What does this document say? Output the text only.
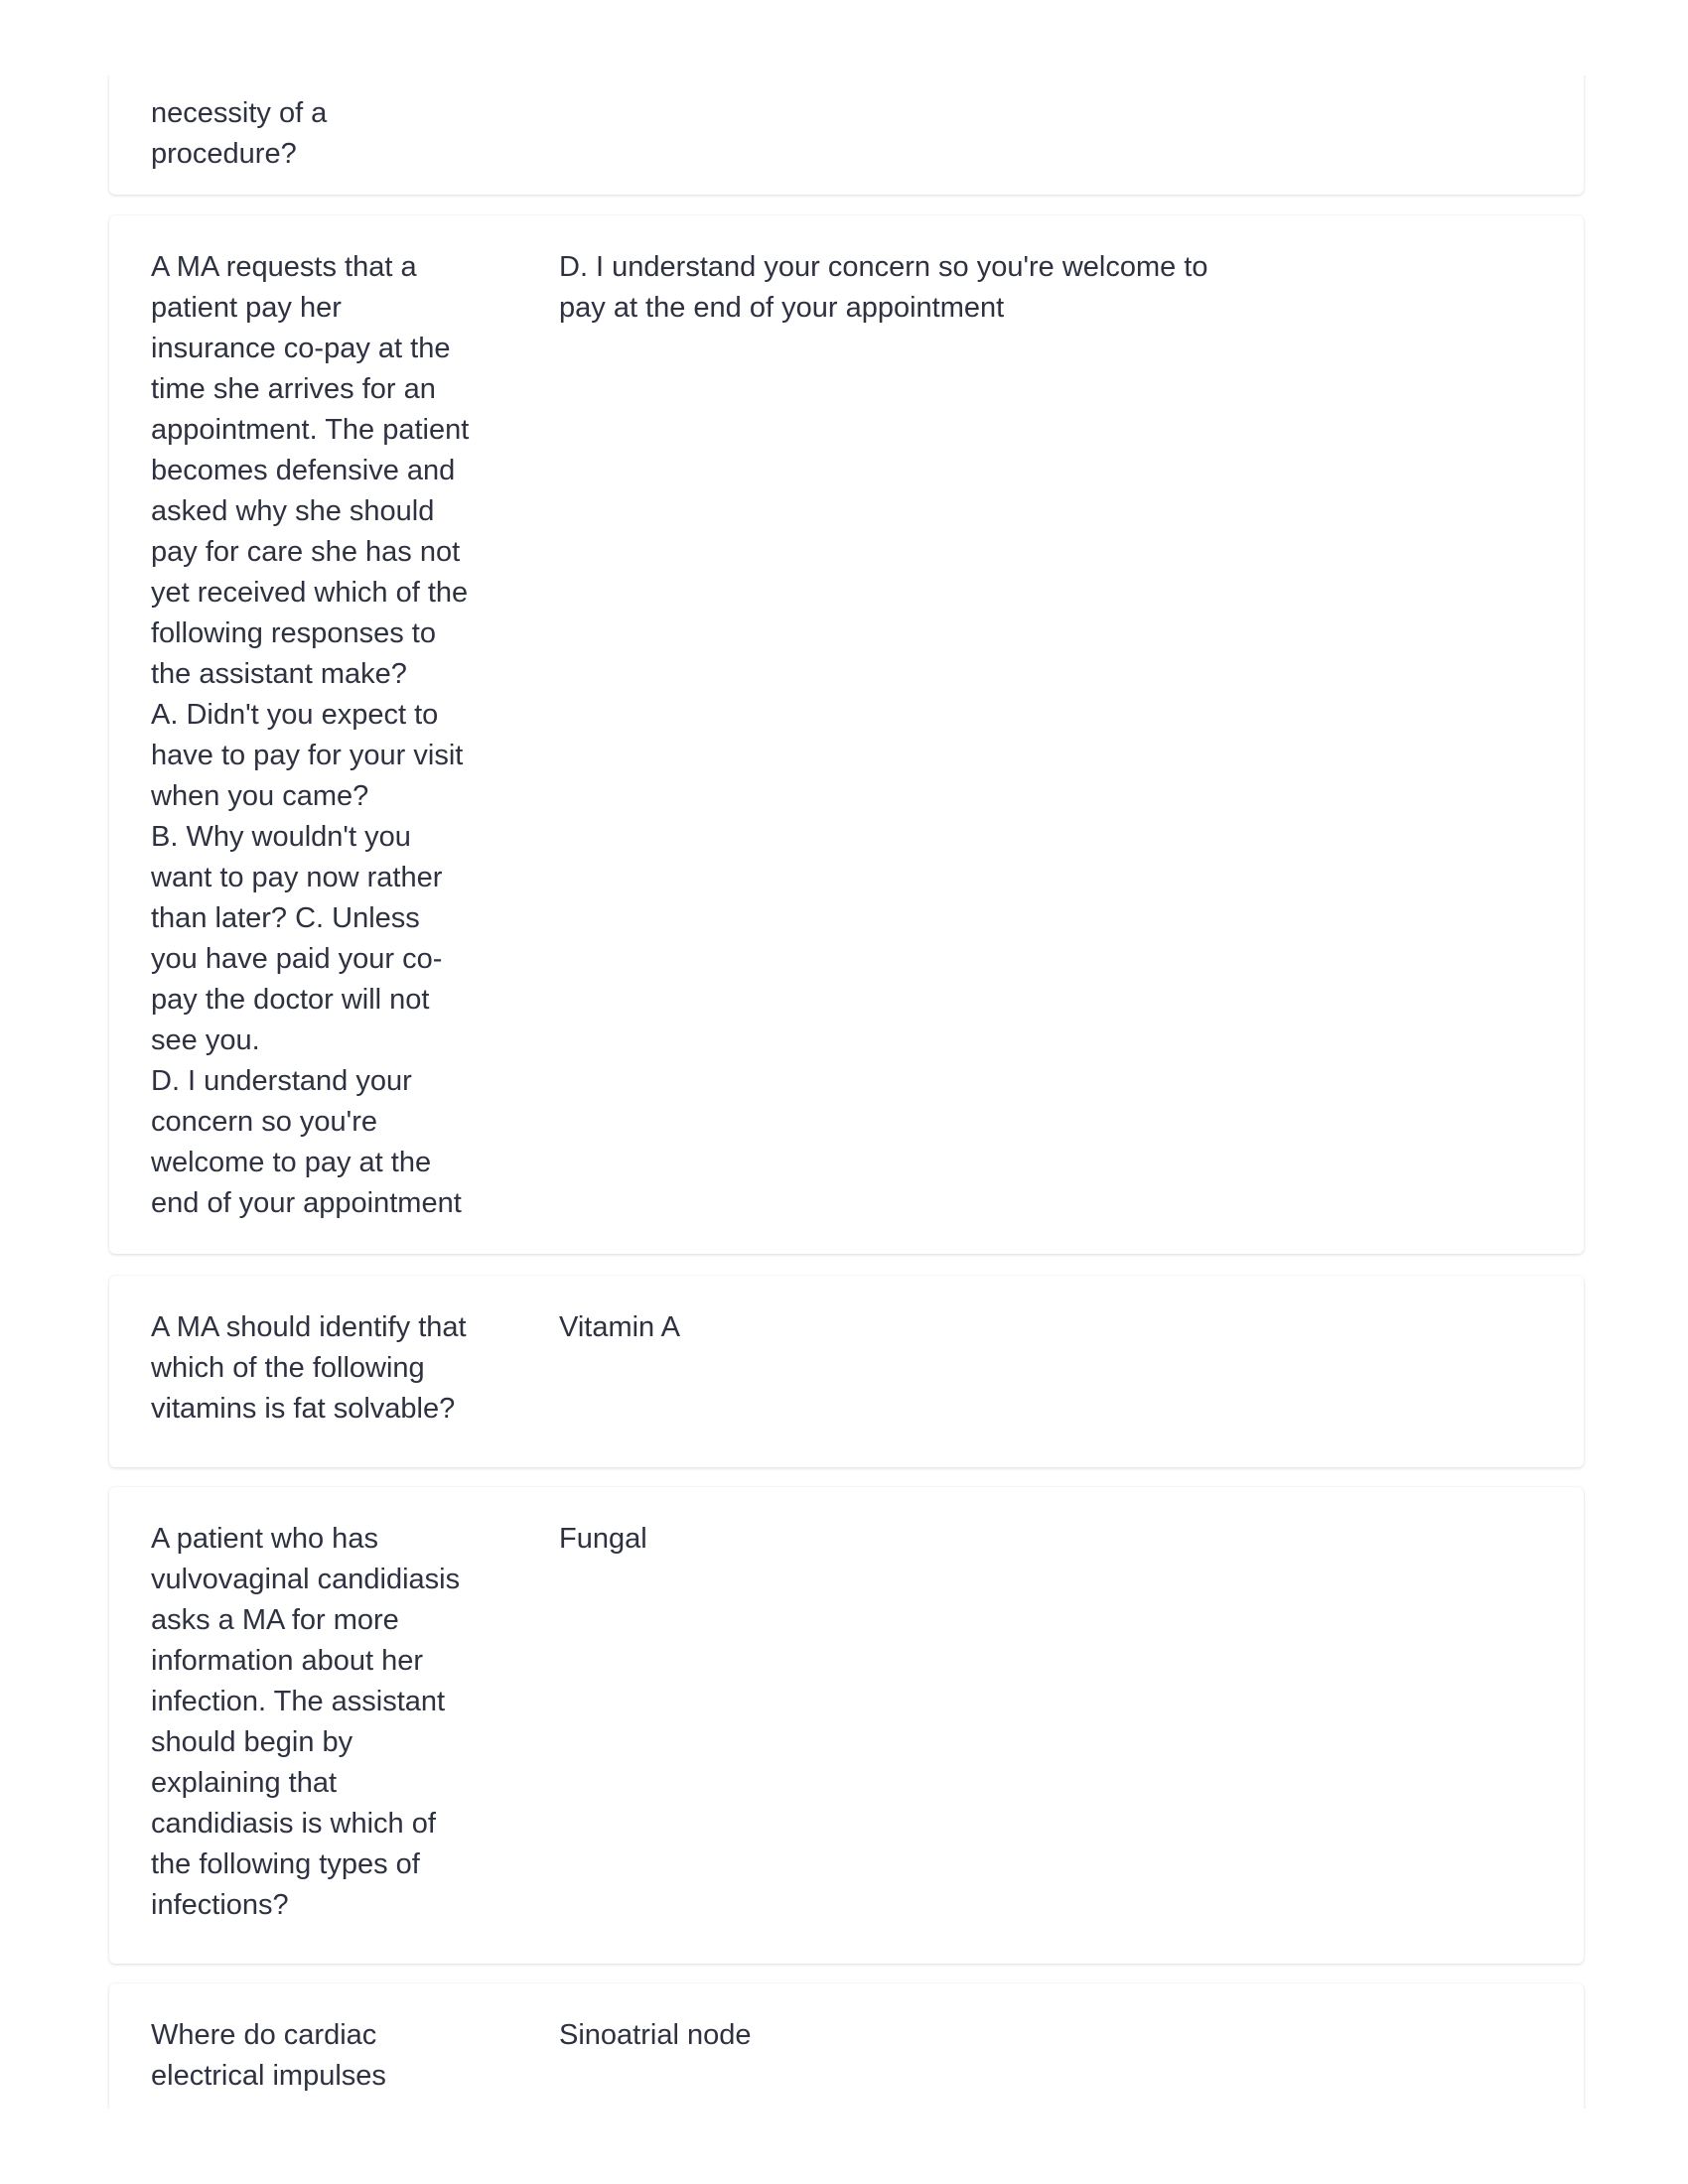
necessity of a
procedure?
A MA requests that a
patient pay her
insurance co-pay at the
time she arrives for an
appointment. The patient
becomes defensive and
asked why she should
pay for care she has not
yet received which of the
following responses to
the assistant make?
A. Didn't you expect to
have to pay for your visit
when you came?
B. Why wouldn't you
want to pay now rather
than later? C. Unless
you have paid your co-
pay the doctor will not
see you.
D. I understand your
concern so you're
welcome to pay at the
end of your appointment
D. I understand your concern so you're welcome to
pay at the end of your appointment
A MA should identify that
which of the following
vitamins is fat solvable?
Vitamin A
A patient who has
vulvovaginal candidiasis
asks a MA for more
information about her
infection. The assistant
should begin by
explaining that
candidiasis is which of
the following types of
infections?
Fungal
Where do cardiac
electrical impulses
Sinoatrial node
